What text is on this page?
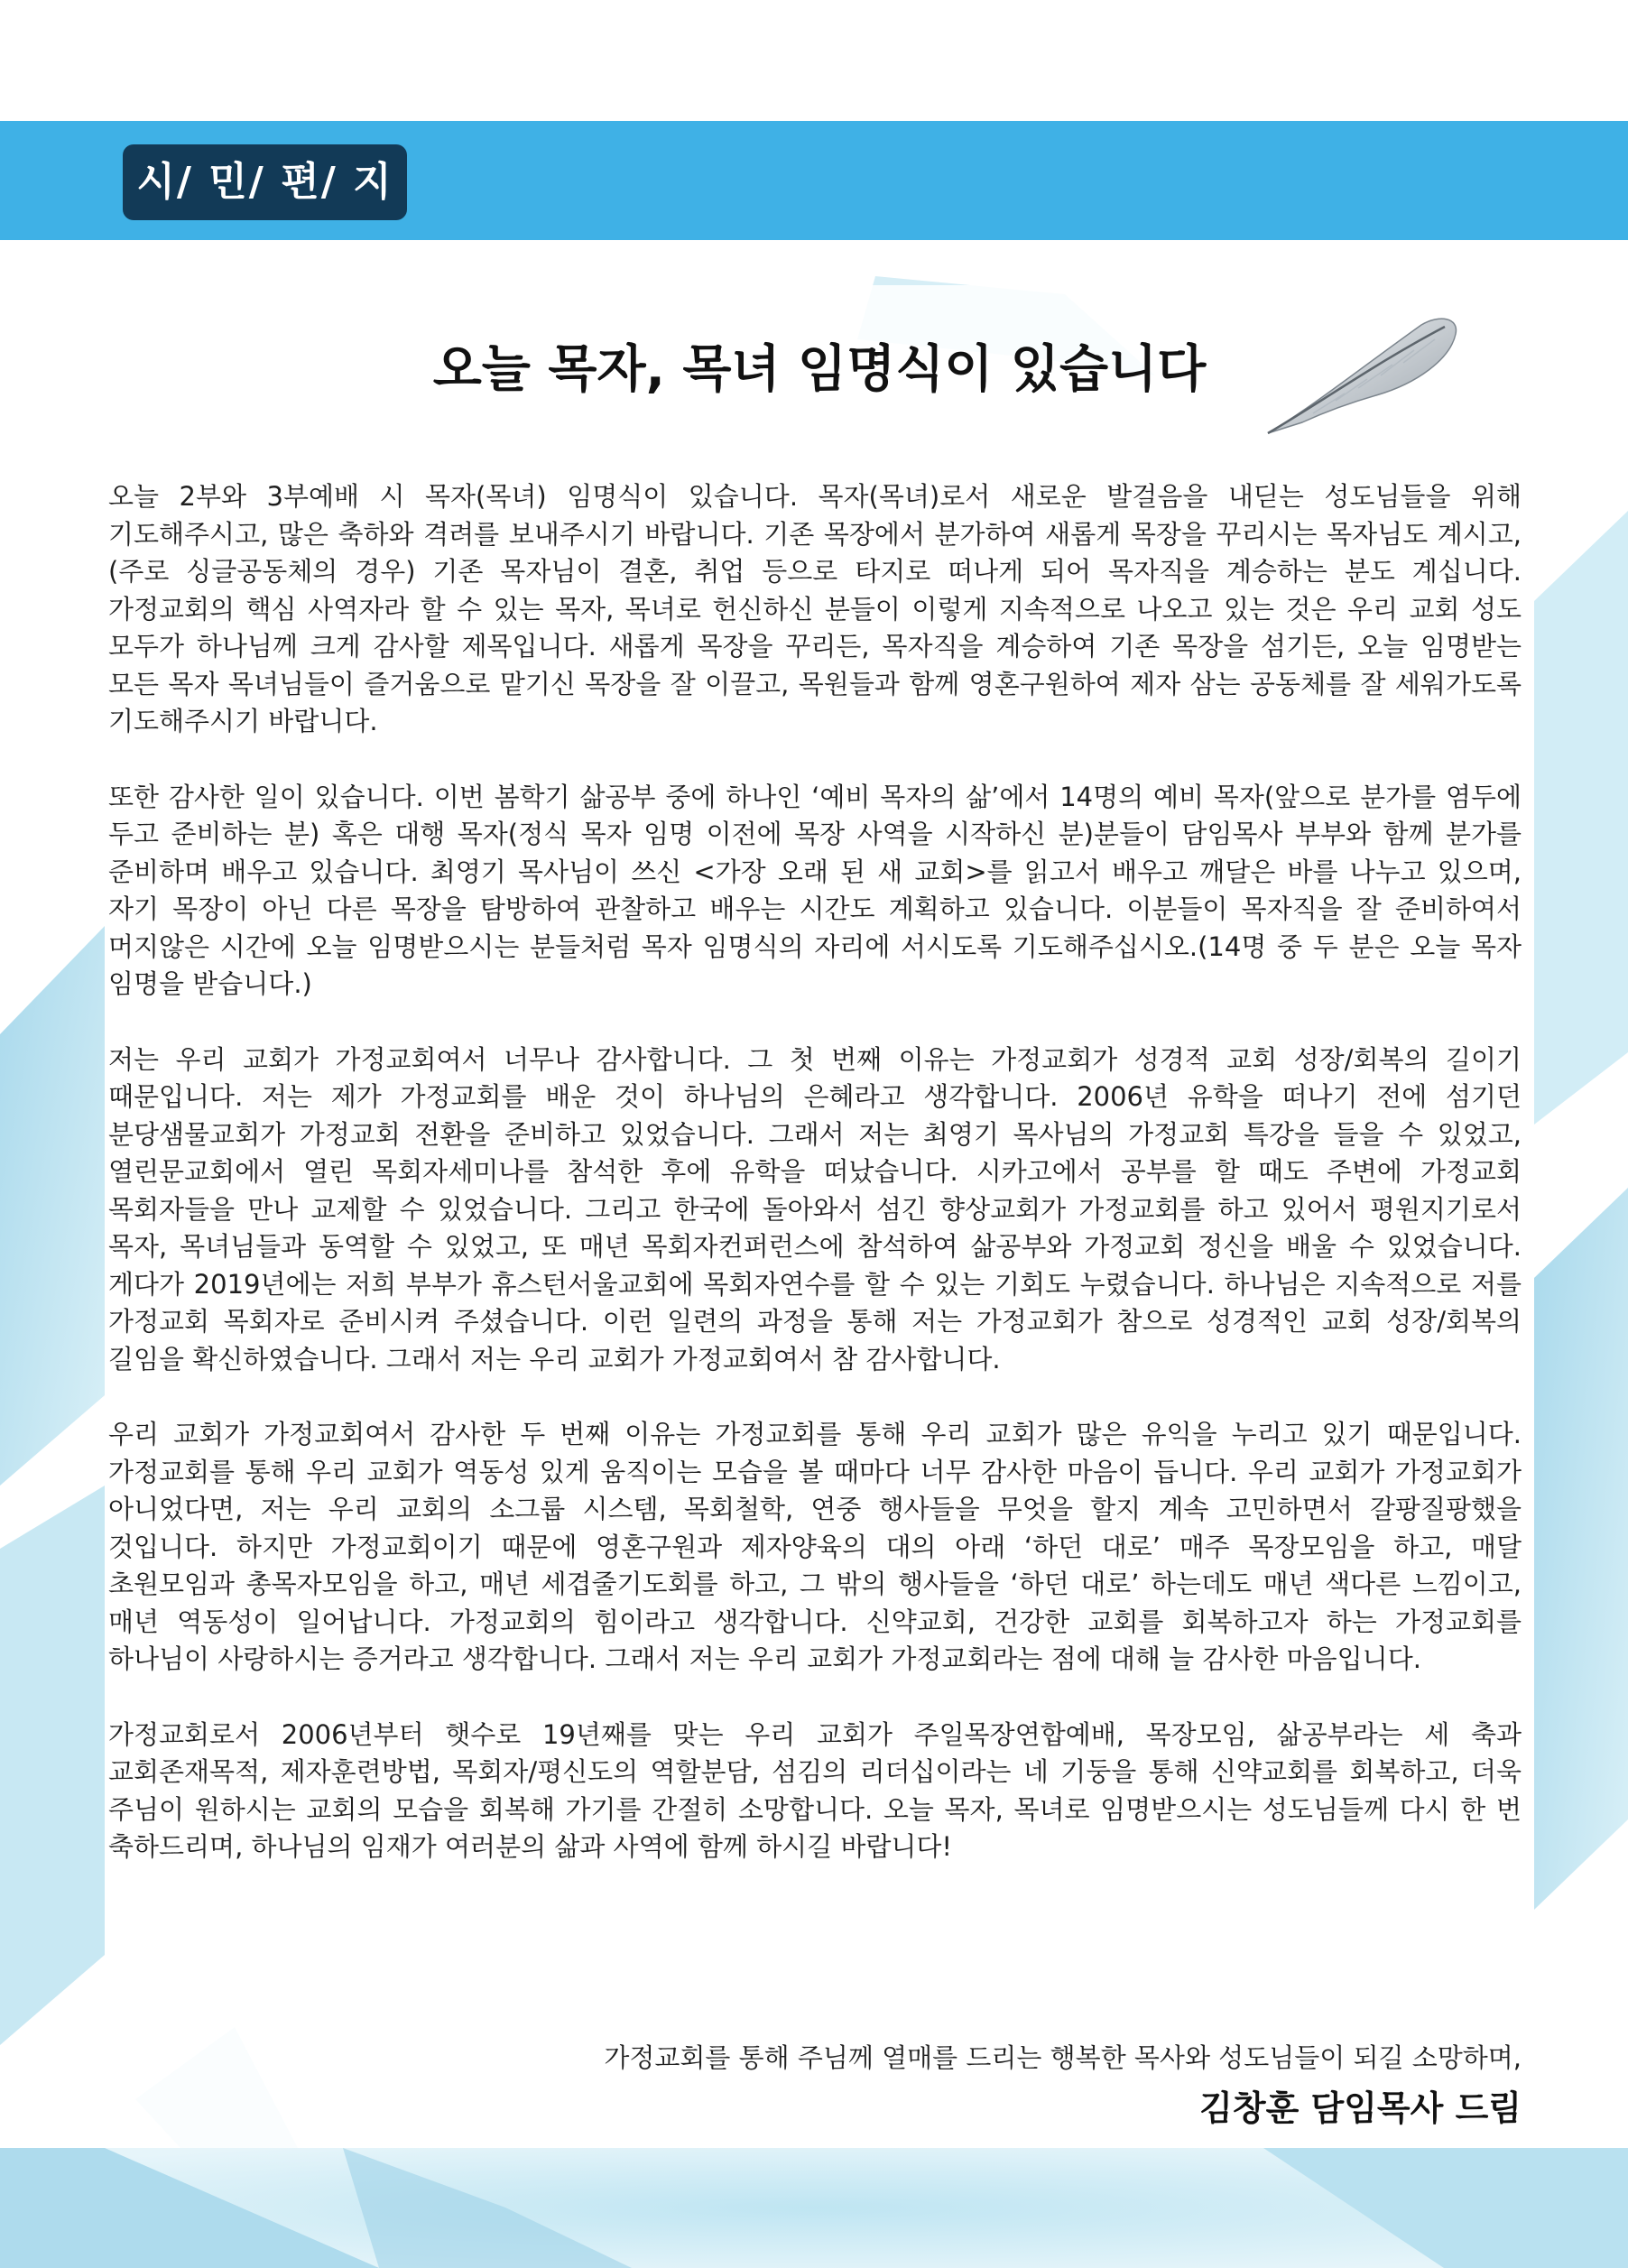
시/ 민/ 편/ 지
오늘 목자, 목녀 임명식이 있습니다

오늘 2부와 3부예배 시 목자(목녀) 임명식이 있습니다. 목자(목녀)로서 새로운 발걸음을 내딛는 성도님들을 위해 기도해주시고, 많은 축하와 격려를 보내주시기 바랍니다. 기존 목장에서 분가하여 새롭게 목장을 꾸리시는 목자님도 계시고, (주로 싱글공동체의 경우) 기존 목자님이 결혼, 취업 등으로 타지로 떠나게 되어 목자직을 계승하는 분도 계십니다. 가정교회의 핵심 사역자라 할 수 있는 목자, 목녀로 헌신하신 분들이 이렇게 지속적으로 나오고 있는 것은 우리 교회 성도 모두가 하나님께 크게 감사할 제목입니다. 새롭게 목장을 꾸리든, 목자직을 계승하여 기존 목장을 섬기든, 오늘 임명받는 모든 목자 목녀님들이 즐거움으로 맡기신 목장을 잘 이끌고, 목원들과 함께 영혼구원하여 제자 삼는 공동체를 잘 세워가도록 기도해주시기 바랍니다.

또한 감사한 일이 있습니다. 이번 봄학기 삶공부 중에 하나인 ‘예비 목자의 삶’에서 14명의 예비 목자(앞으로 분가를 염두에 두고 준비하는 분) 혹은 대행 목자(정식 목자 임명 이전에 목장 사역을 시작하신 분)분들이 담임목사 부부와 함께 분가를 준비하며 배우고 있습니다. 최영기 목사님이 쓰신 <가장 오래 된 새 교회>를 읽고서 배우고 깨달은 바를 나누고 있으며, 자기 목장이 아닌 다른 목장을 탐방하여 관찰하고 배우는 시간도 계획하고 있습니다. 이분들이 목자직을 잘 준비하여서 머지않은 시간에 오늘 임명받으시는 분들처럼 목자 임명식의 자리에 서시도록 기도해주십시오.(14명 중 두 분은 오늘 목자 임명을 받습니다.)

저는 우리 교회가 가정교회여서 너무나 감사합니다. 그 첫 번째 이유는 가정교회가 성경적 교회 성장/회복의 길이기 때문입니다. 저는 제가 가정교회를 배운 것이 하나님의 은혜라고 생각합니다. 2006년 유학을 떠나기 전에 섬기던 분당샘물교회가 가정교회 전환을 준비하고 있었습니다. 그래서 저는 최영기 목사님의 가정교회 특강을 들을 수 있었고, 열린문교회에서 열린 목회자세미나를 참석한 후에 유학을 떠났습니다. 시카고에서 공부를 할 때도 주변에 가정교회 목회자들을 만나 교제할 수 있었습니다. 그리고 한국에 돌아와서 섬긴 향상교회가 가정교회를 하고 있어서 평원지기로서 목자, 목녀님들과 동역할 수 있었고, 또 매년 목회자컨퍼런스에 참석하여 삶공부와 가정교회 정신을 배울 수 있었습니다. 게다가 2019년에는 저희 부부가 휴스턴서울교회에 목회자연수를 할 수 있는 기회도 누렸습니다. 하나님은 지속적으로 저를 가정교회 목회자로 준비시켜 주셨습니다. 이런 일련의 과정을 통해 저는 가정교회가 참으로 성경적인 교회 성장/회복의 길임을 확신하였습니다. 그래서 저는 우리 교회가 가정교회여서 참 감사합니다.

우리 교회가 가정교회여서 감사한 두 번째 이유는 가정교회를 통해 우리 교회가 많은 유익을 누리고 있기 때문입니다. 가정교회를 통해 우리 교회가 역동성 있게 움직이는 모습을 볼 때마다 너무 감사한 마음이 듭니다. 우리 교회가 가정교회가 아니었다면, 저는 우리 교회의 소그룹 시스템, 목회철학, 연중 행사들을 무엇을 할지 계속 고민하면서 갈팡질팡했을 것입니다. 하지만 가정교회이기 때문에 영혼구원과 제자양육의 대의 아래 ‘하던 대로’ 매주 목장모임을 하고, 매달 초원모임과 총목자모임을 하고, 매년 세겹줄기도회를 하고, 그 밖의 행사들을 ‘하던 대로’ 하는데도 매년 색다른 느낌이고, 매년 역동성이 일어납니다. 가정교회의 힘이라고 생각합니다. 신약교회, 건강한 교회를 회복하고자 하는 가정교회를 하나님이 사랑하시는 증거라고 생각합니다. 그래서 저는 우리 교회가 가정교회라는 점에 대해 늘 감사한 마음입니다.

가정교회로서 2006년부터 햇수로 19년째를 맞는 우리 교회가 주일목장연합예배, 목장모임, 삶공부라는 세 축과 교회존재목적, 제자훈련방법, 목회자/평신도의 역할분담, 섬김의 리더십이라는 네 기둥을 통해 신약교회를 회복하고, 더욱 주님이 원하시는 교회의 모습을 회복해 가기를 간절히 소망합니다. 오늘 목자, 목녀로 임명받으시는 성도님들께 다시 한 번 축하드리며, 하나님의 임재가 여러분의 삶과 사역에 함께 하시길 바랍니다!

가정교회를 통해 주님께 열매를 드리는 행복한 목사와 성도님들이 되길 소망하며,

김창훈 담임목사 드림
